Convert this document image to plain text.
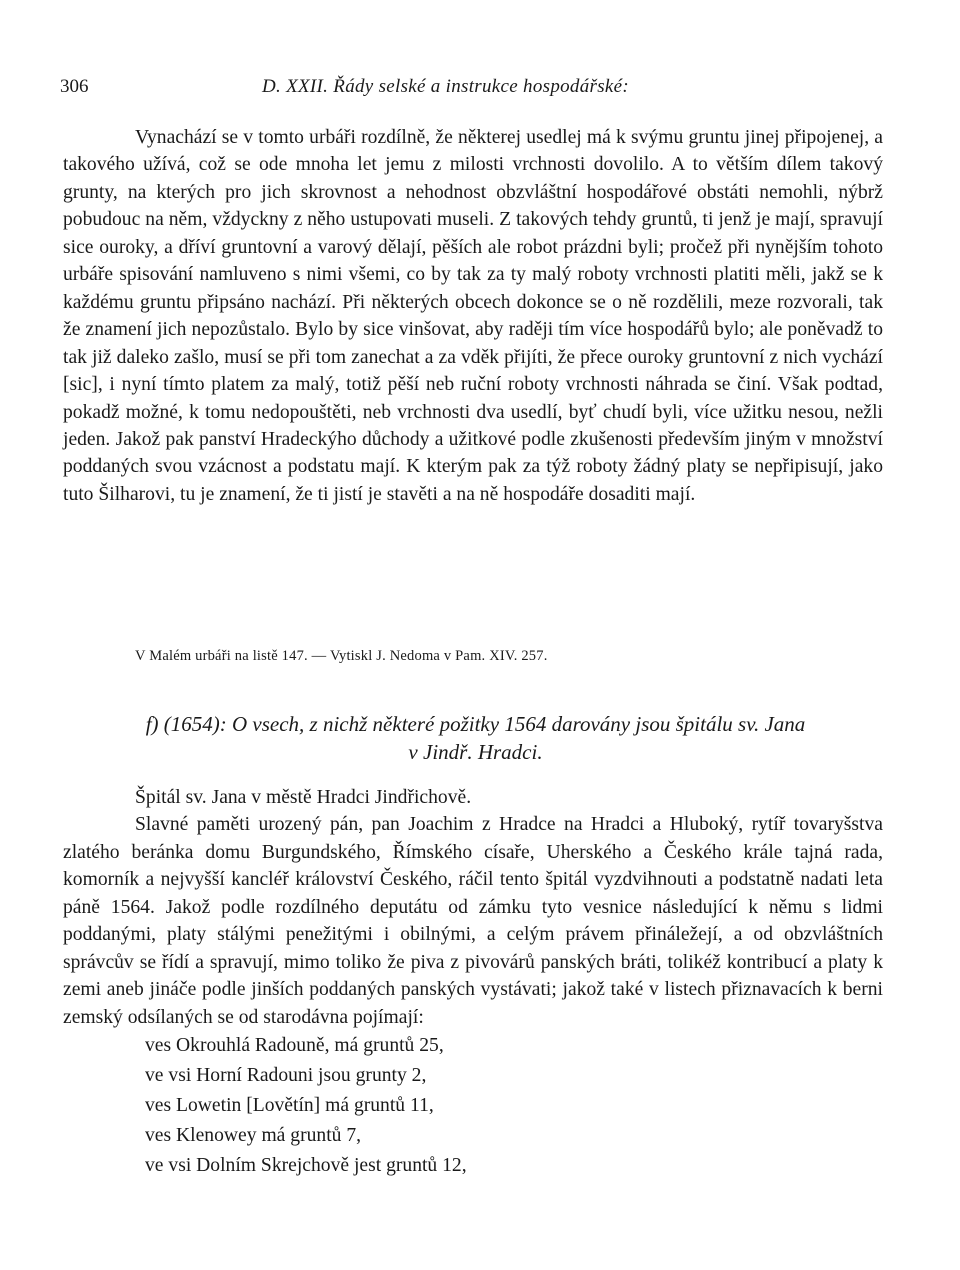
306	D. XXII. Řády selské a instrukce hospodářské:

Vynachází se v tomto urbáři rozdílně, že některej usedlej má k svýmu gruntu jinej připojenej, a takového užívá, což se ode mnoha let jemu z milosti vrchnosti dovolilo. A to větším dílem takový grunty, na kterých pro jich skrovnost a nehodnost obzvláštní hospodářové obstáti nemohli, nýbrž pobudouc na něm, vždyckny z něho ustupovati museli. Z takových tehdy gruntů, ti jenž je mají, spravují sice ouroky, a dříví gruntovní a varový dělají, pěších ale robot prázdni byli; pročež při nynějším tohoto urbáře spisování namluveno s nimi všemi, co by tak za ty malý roboty vrchnosti platiti měli, jakž se k každému gruntu připsáno nachází. Při některých obcech dokonce se o ně rozdělili, meze rozvorali, tak že znamení jich nepozůstalo. Bylo by sice vinšovat, aby raději tím více hospodářů bylo; ale poněvadž to tak již daleko zašlo, musí se při tom zanechat a za vděk přijíti, že přece ouroky gruntovní z nich vychází [sic], i nyní tímto platem za malý, totiž pěší neb ruční roboty vrchnosti náhrada se činí. Však podtad, pokadž možné, k tomu nedopouštěti, neb vrchnosti dva usedlí, byť chudí byli, více užitku nesou, nežli jeden. Jakož pak panství Hradeckýho důchody a užitkové podle zkušenosti především jiným v množství poddaných svou vzácnost a podstatu mají. K kterým pak za týž roboty žádný platy se nepřipisují, jako tuto Šilharovi, tu je znamení, že ti jistí je stavěti a na ně hospodáře dosaditi mají.

V Malém urbáři na listě 147. — Vytiskl J. Nedoma v Pam. XIV. 257.
f) (1654): O vsech, z nichž některé požitky 1564 darovány jsou špitálu sv. Jana
v Jindř. Hradci.

Špitál sv. Jana v městě Hradci Jindřichově.

Slavné paměti urozený pán, pan Joachim z Hradce na Hradci a Hluboký, rytíř tovaryšstva zlatého beránka domu Burgundského, Římského císaře, Uherského a Českého krále tajná rada, komorník a nejvyšší kancléř království Českého, ráčil tento špitál vyzdvihnouti a podstatně nadati leta páně 1564. Jakož podle rozdílného deputátu od zámku tyto vesnice následující k němu s lidmi poddanými, platy stálými penežitými i obilnými, a celým právem přináležejí, a od obzvláštních správcův se řídí a spravují, mimo toliko že piva z pivovárů panských bráti, tolikéž kontribucí a platy k zemi aneb jináče podle jinších poddaných panských vystávati; jakož také v listech přiznavacích k berni zemský odsílaných se od starodávna pojímají:

ves Okrouhlá Radouně, má gruntů 25,
ve vsi Horní Radouni jsou grunty 2,
ves Lowetin [Lovětín] má gruntů 11,
ves Klenowey má gruntů 7,
ve vsi Dolním Skrejchově jest gruntů 12,
